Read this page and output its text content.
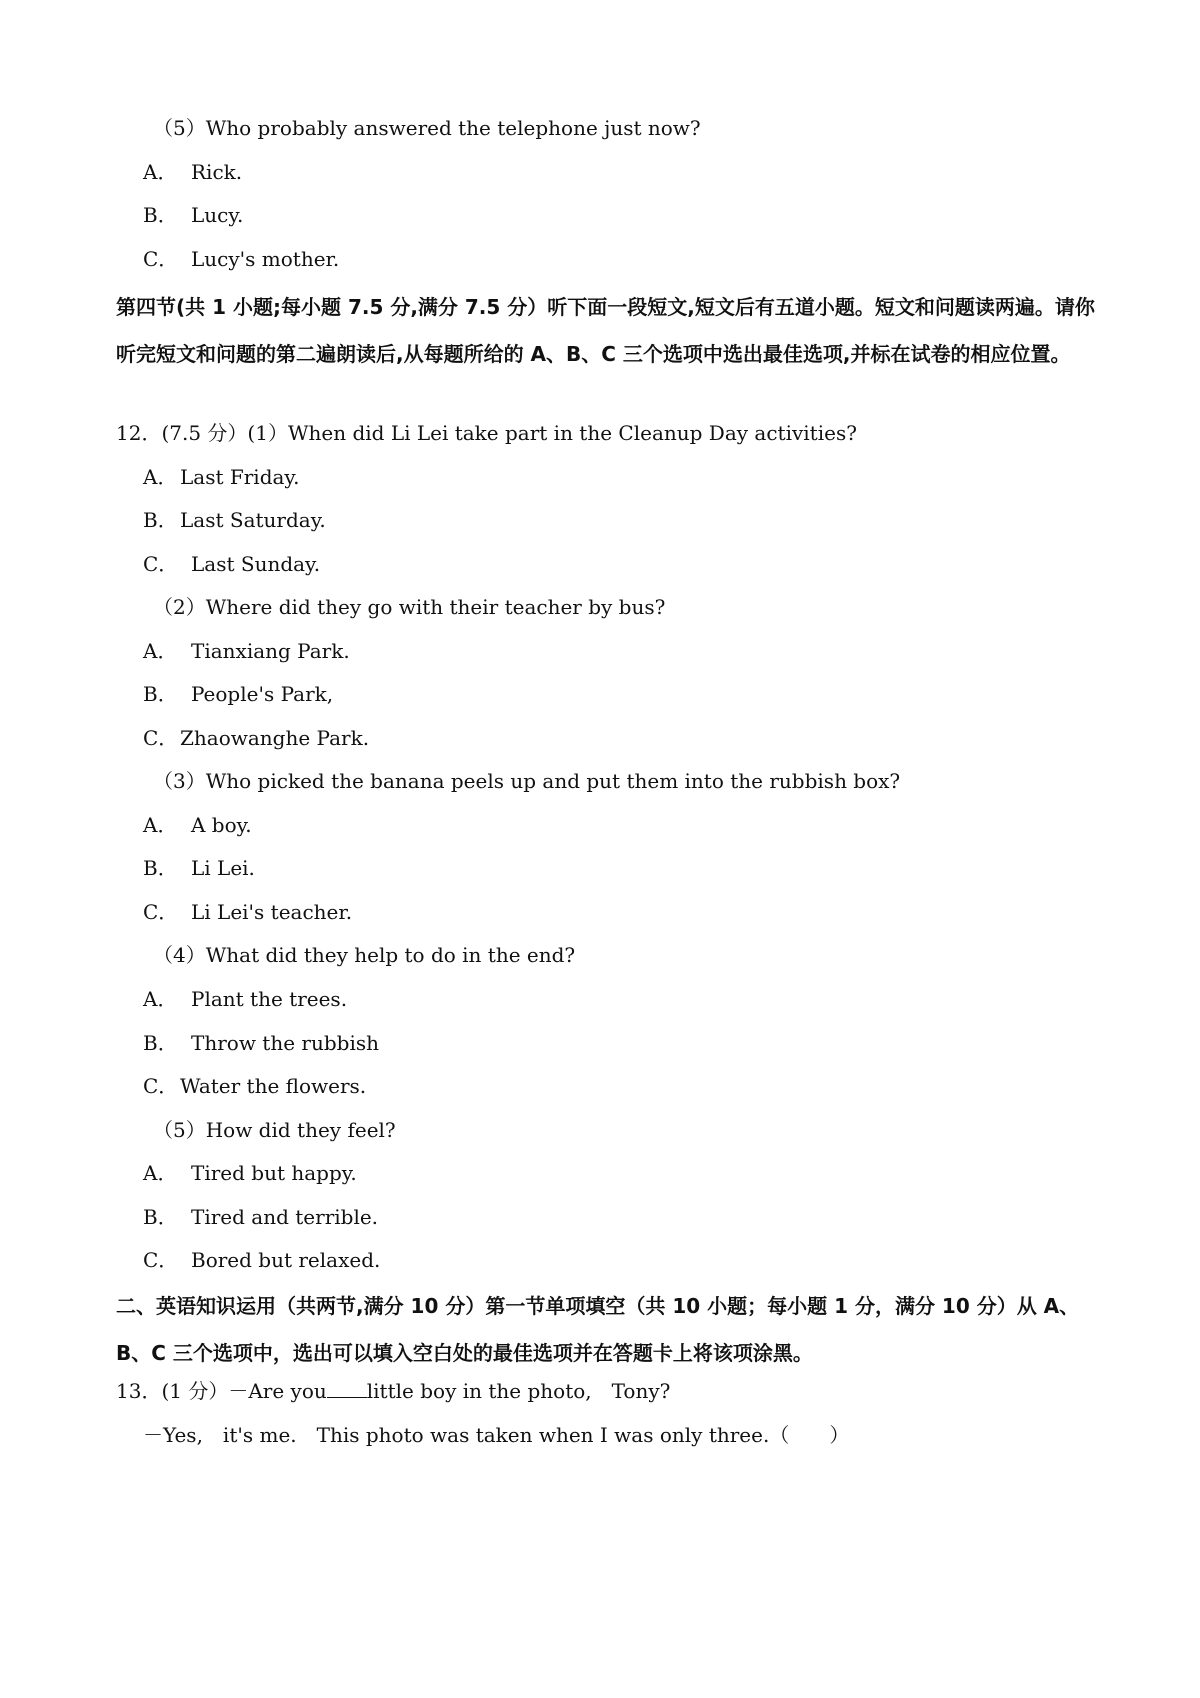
（5）Who probably answered the telephone just now?
A． Rick.
B． Lucy.
C． Lucy's mother.
第四节(共 1 小题;每小题 7.5 分,满分 7.5 分）听下面一段短文,短文后有五道小题。短文和问题读两遍。请你听完短文和问题的第二遍朗读后,从每题所给的 A、B、C 三个选项中选出最佳选项,并标在试卷的相应位置。
12．(7.5 分）(1）When did Li Lei take part in the Cleanup Day activities?
A． Last Friday.
B． Last Saturday.
C． Last Sunday.
（2）Where did they go with their teacher by bus?
A． Tianxiang Park.
B． People's Park,
C．Zhaowanghe Park.
（3）Who picked the banana peels up and put them into the rubbish box?
A． A boy.
B． Li Lei.
C． Li Lei's teacher.
（4）What did they help to do in the end?
A． Plant the trees.
B． Throw the rubbish
C．Water the flowers.
（5）How did they feel?
A． Tired but happy.
B． Tired and terrible.
C． Bored but relaxed.
二、英语知识运用（共两节,满分 10 分）第一节单项填空（共 10 小题；每小题 1 分，满分 10 分）从 A、B、C 三个选项中，选出可以填入空白处的最佳选项并在答题卡上将该项涂黑。
13．(1 分）－Are you little boy in the photo,　Tony?
－Yes,　it's me.　This photo was taken when I was only three.（　　）
